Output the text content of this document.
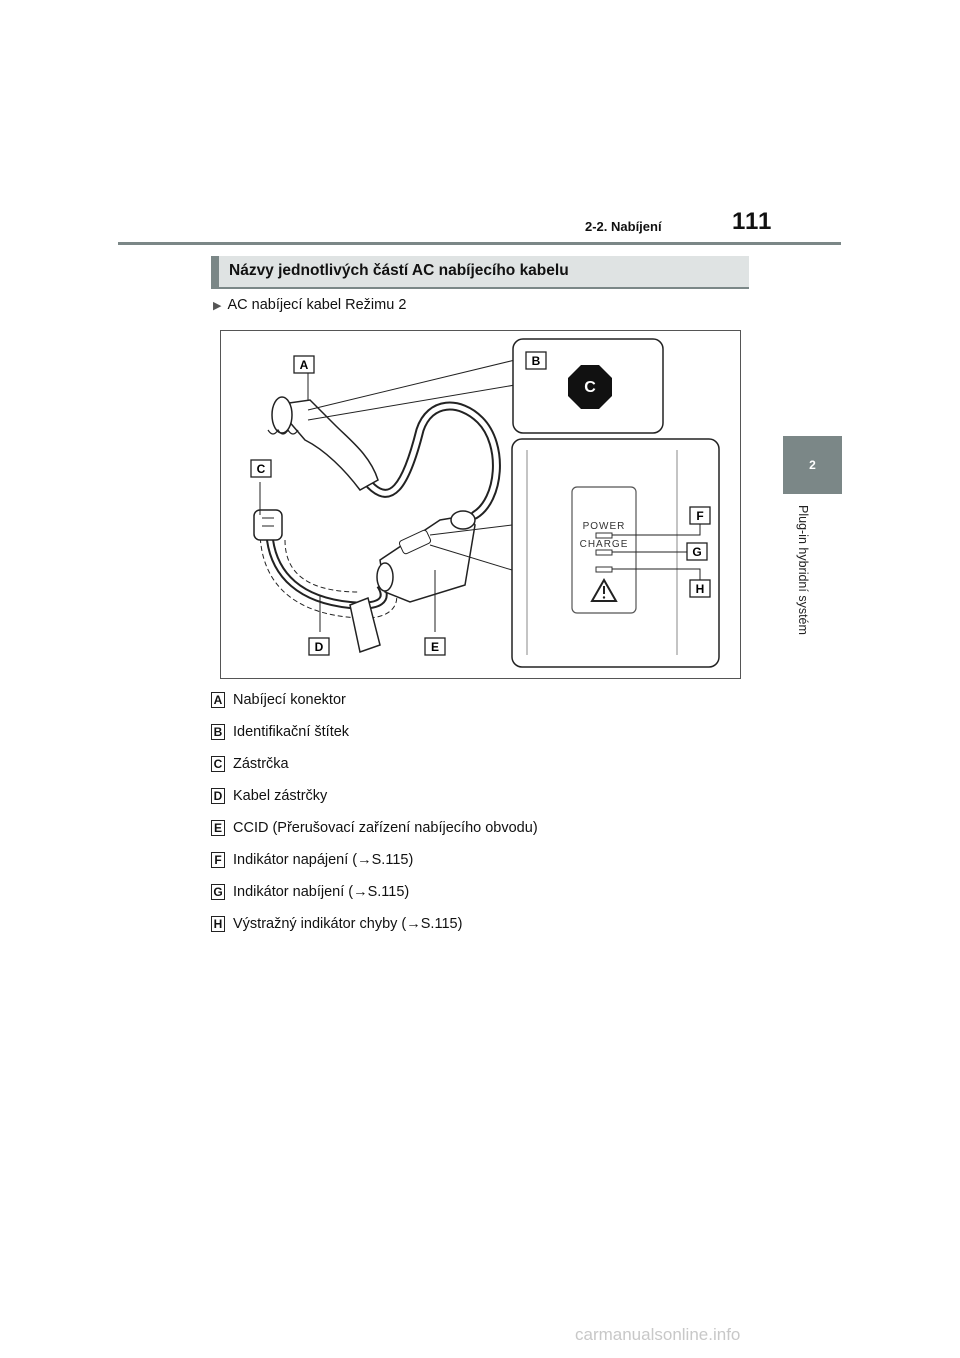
2-2. Nabíjení	111
2
Plug-in hybridní systém
Názvy jednotlivých částí AC nabíjecího kabelu
▶ AC nabíjecí kabel Režimu 2
C
POWER
CHARGE
A	B
C
D	E
F
G
H
A Nabíjecí konektor
B Identifikační štítek
C Zástrčka
D Kabel zástrčky
E CCID (Přerušovací zařízení nabíjecího obvodu)
F Indikátor napájení (→S.115)
G Indikátor nabíjení (→S.115)
H Výstražný indikátor chyby (→S.115)
carmanualsonline.info
